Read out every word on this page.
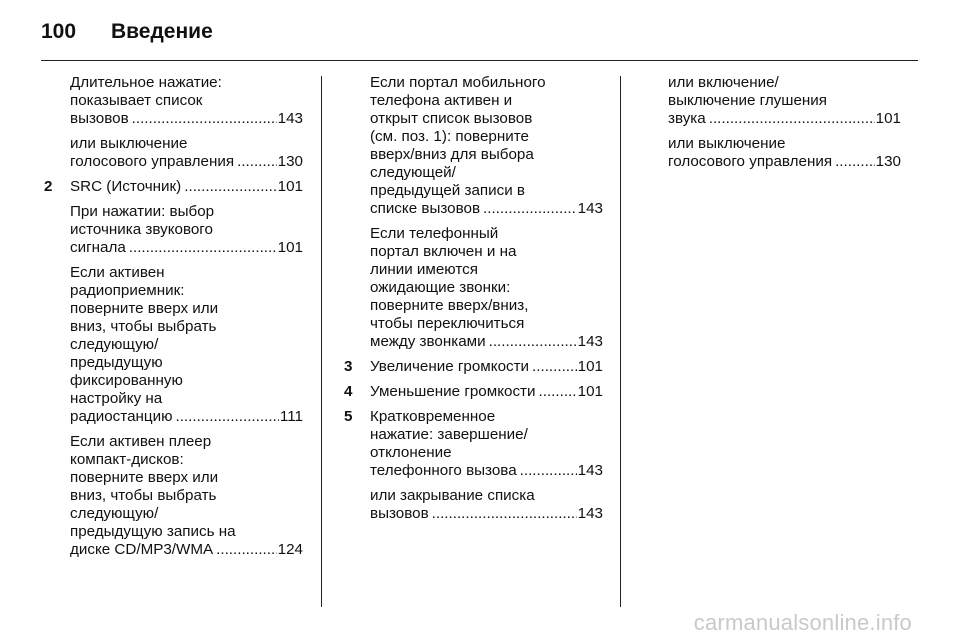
100	Введение
Длительное нажатие:
показывает список
вызовов .....	143
или выключение
голосового управления .....	130
2 SRC (Источник) .....	101
При нажатии: выбор
источника звукового
сигнала .....	101
Если активен
радиоприемник:
поверните вверх или
вниз, чтобы выбрать
следующую/
предыдущую
фиксированную
настройку на
радиостанцию .....	111
Если активен плеер
компакт-дисков:
поверните вверх или
вниз, чтобы выбрать
следующую/
предыдущую запись на
диске CD/MP3/WMA .....	124
Если портал мобильного
телефона активен и
открыт список вызовов
(см. поз. 1): поверните
вверх/вниз для выбора
следующей/
предыдущей записи в
списке вызовов .....	143
Если телефонный
портал включен и на
линии имеются
ожидающие звонки:
поверните вверх/вниз,
чтобы переключиться
между звонками .....	143
3 Увеличение громкости .....	101
4 Уменьшение громкости .....	101
5 Кратковременное
нажатие: завершение/
отклонение
телефонного вызова .....	143
или закрывание списка
вызовов .....	143
или включение/
выключение глушения
звука .....	101
или выключение
голосового управления .....	130
carmanualsonline.info
